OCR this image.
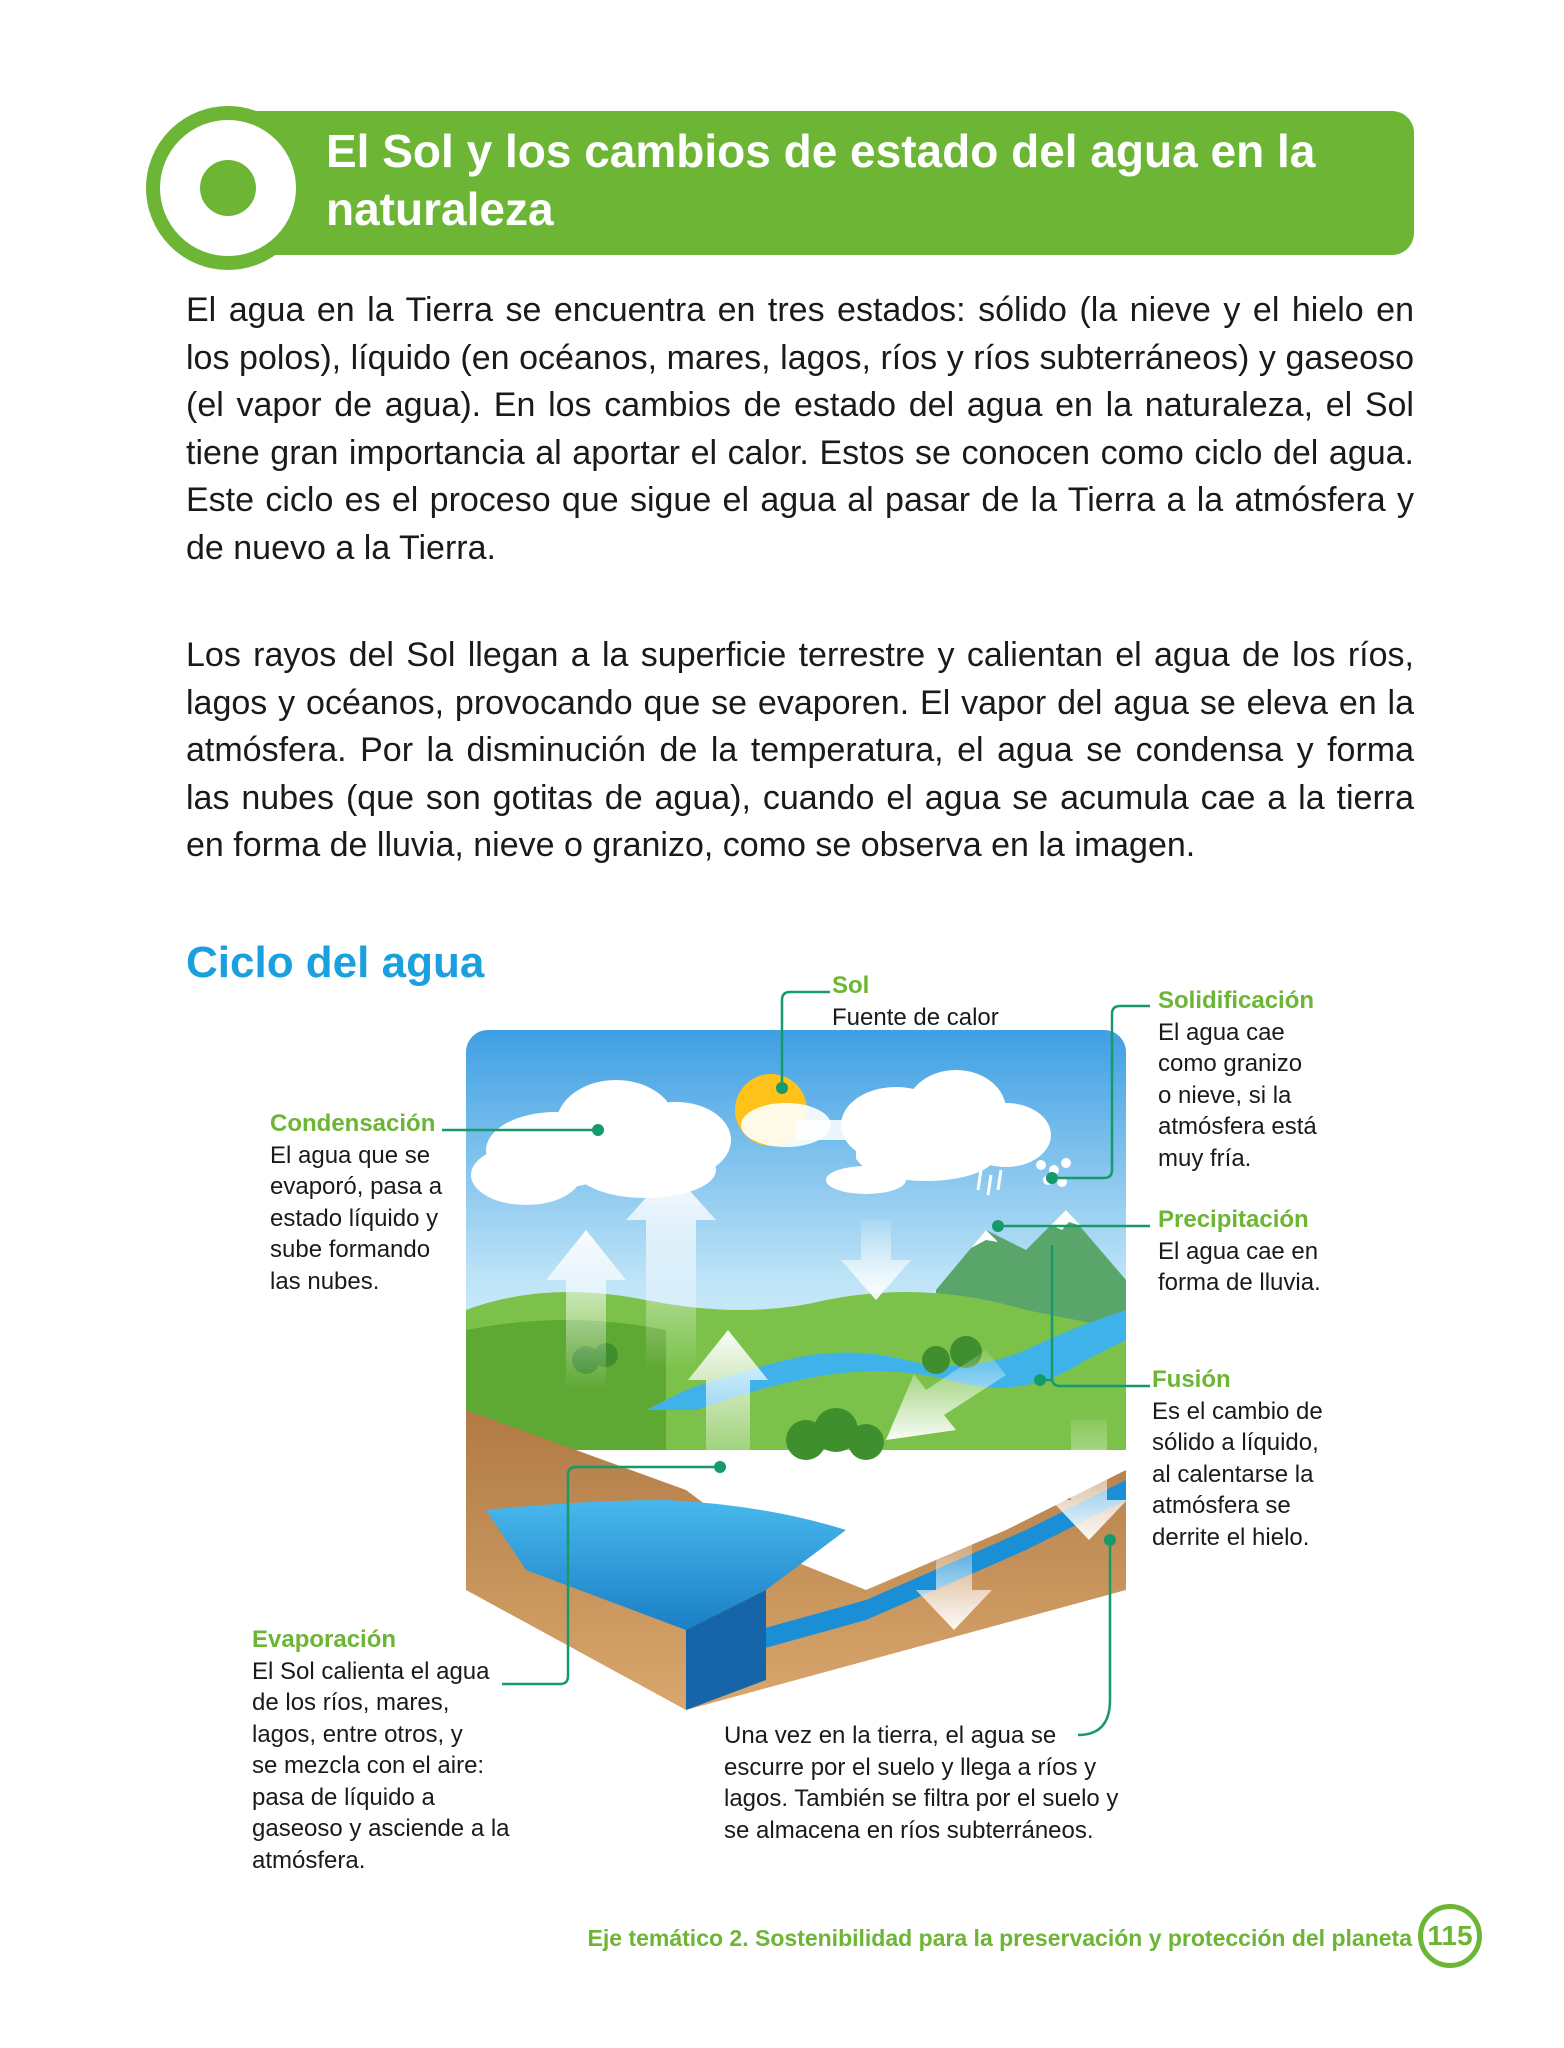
El Sol y los cambios de estado del agua en la naturaleza

El agua en la Tierra se encuentra en tres estados: sólido (la nieve y el hielo en los polos), líquido (en océanos, mares, lagos, ríos y ríos subterráneos) y gaseoso (el vapor de agua). En los cambios de estado del agua en la naturaleza, el Sol tiene gran importancia al aportar el calor. Estos se conocen como ciclo del agua. Este ciclo es el proceso que sigue el agua al pasar de la Tierra a la atmósfera y de nuevo a la Tierra.

Los rayos del Sol llegan a la superficie terrestre y calientan el agua de los ríos, lagos y océanos, provocando que se evaporen. El vapor del agua se eleva en la atmósfera. Por la disminución de la temperatura, el agua se condensa y forma las nubes (que son gotitas de agua), cuando el agua se acumula cae a la tierra en forma de lluvia, nieve o granizo, como se observa en la imagen.

Ciclo del agua	Sol
Fuente de calor
Solidificación
El agua cae
como granizo
o nieve, si la
atmósfera está
muy fría.
Condensación
El agua que se
evaporó, pasa a
estado líquido y
sube formando
las nubes.
Precipitación
El agua cae en
forma de lluvia.
Fusión
Es el cambio de
sólido a líquido,
al calentarse la
atmósfera se
derrite el hielo.
Evaporación
El Sol calienta el agua
de los ríos, mares,
lagos, entre otros, y
se mezcla con el aire:
pasa de líquido a
gaseoso y asciende a la
atmósfera.
Una vez en la tierra, el agua se
escurre por el suelo y llega a ríos y
lagos. También se filtra por el suelo y
se almacena en ríos subterráneos.
Eje temático 2. Sostenibilidad para la preservación y protección del planeta 115
